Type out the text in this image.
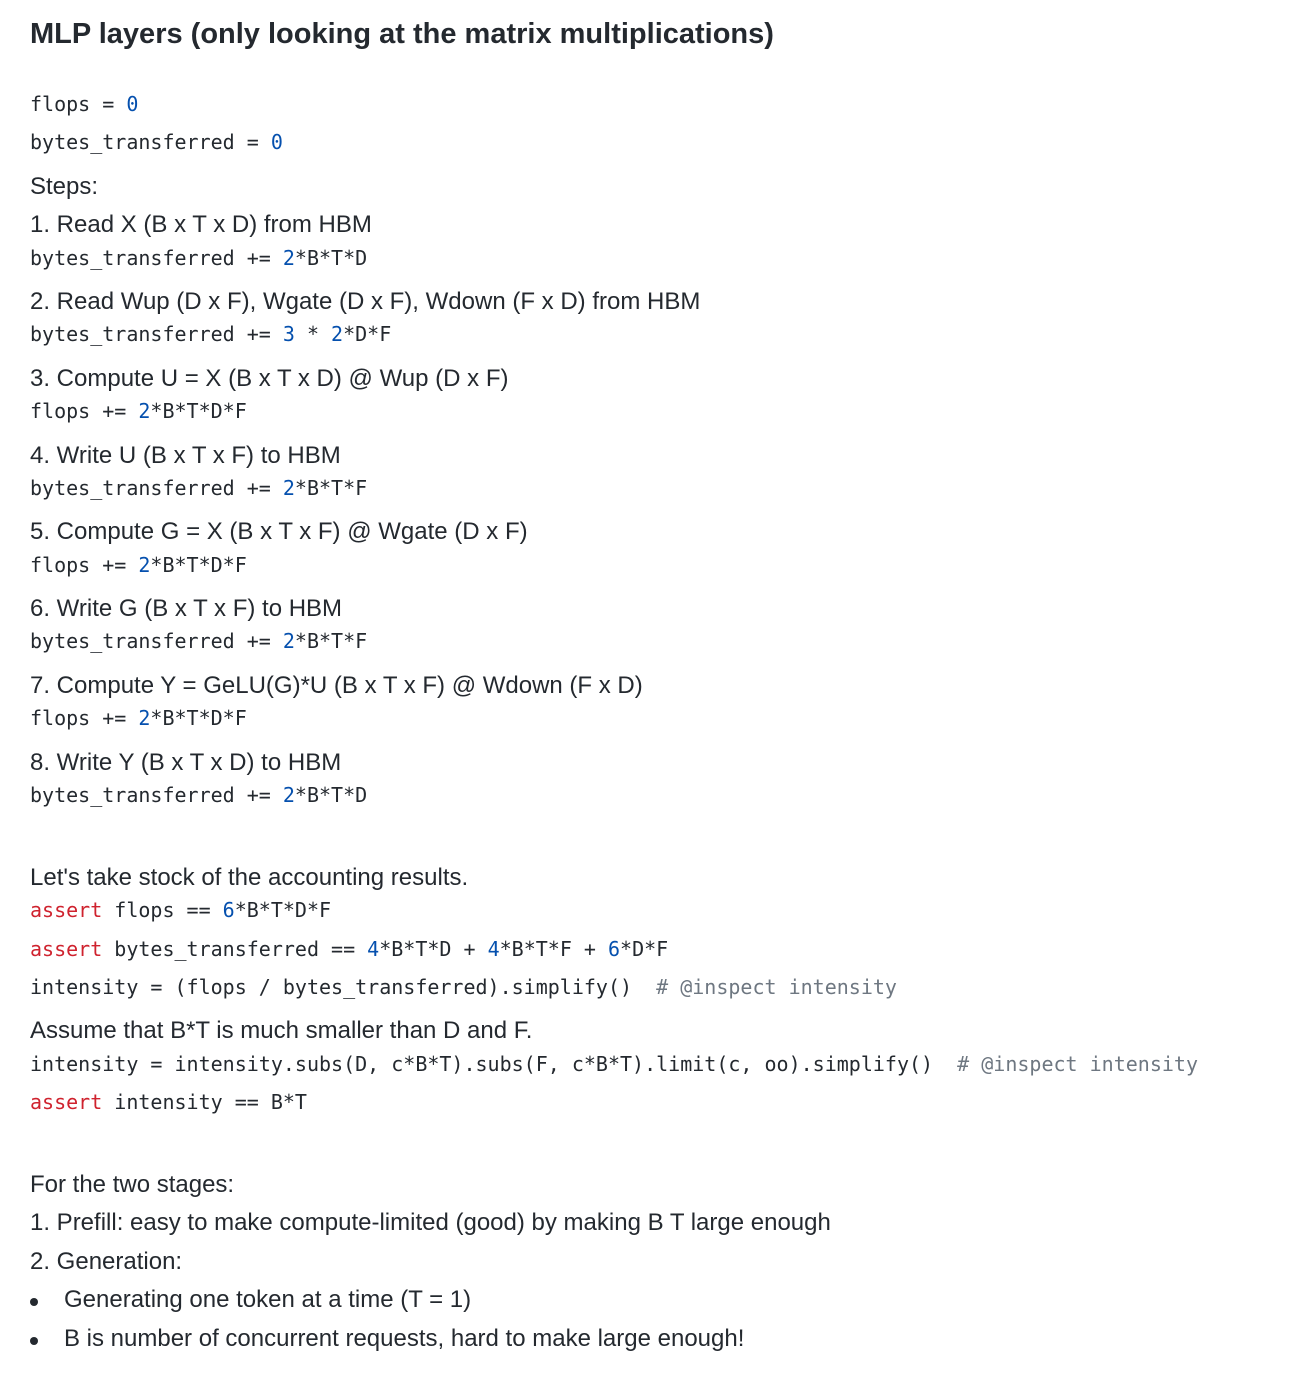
MLP layers (only looking at the matrix multiplications)
flops = 0
bytes_transferred = 0
Steps:
1. Read X (B x T x D) from HBM
bytes_transferred += 2*B*T*D
2. Read Wup (D x F), Wgate (D x F), Wdown (F x D) from HBM
bytes_transferred += 3 * 2*D*F
3. Compute U = X (B x T x D) @ Wup (D x F)
flops += 2*B*T*D*F
4. Write U (B x T x F) to HBM
bytes_transferred += 2*B*T*F
5. Compute G = X (B x T x F) @ Wgate (D x F)
flops += 2*B*T*D*F
6. Write G (B x T x F) to HBM
bytes_transferred += 2*B*T*F
7. Compute Y = GeLU(G)*U (B x T x F) @ Wdown (F x D)
flops += 2*B*T*D*F
8. Write Y (B x T x D) to HBM
bytes_transferred += 2*B*T*D
Let's take stock of the accounting results.
assert flops == 6*B*T*D*F
assert bytes_transferred == 4*B*T*D + 4*B*T*F + 6*D*F
intensity = (flops / bytes_transferred).simplify()  # @inspect intensity
Assume that B*T is much smaller than D and F.
intensity = intensity.subs(D, c*B*T).subs(F, c*B*T).limit(c, oo).simplify()  # @inspect intensity
assert intensity == B*T
For the two stages:
1. Prefill: easy to make compute-limited (good) by making B T large enough
2. Generation:
Generating one token at a time (T = 1)
B is number of concurrent requests, hard to make large enough!
